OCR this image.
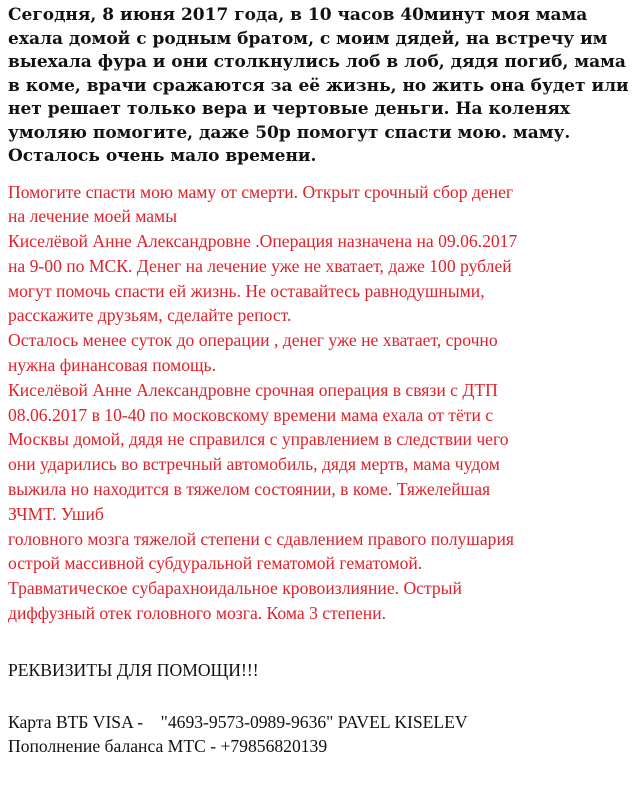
Сегодня, 8 июня 2017 года, в 10 часов 40минут моя мама ехала домой с родным братом, с моим дядей, на встречу им выехала фура и они столкнулись лоб в лоб, дядя погиб, мама в коме, врачи сражаются за её жизнь, но жить она будет или нет решает только вера и чертовые деньги. На коленях умоляю помогите, даже 50р помогут спасти мою. маму. Осталось очень мало времени.

Помогите спасти мою маму от смерти. Открыт срочный сбор денег
на лечение моей мамы
Киселёвой Анне Александровне .Операция назначена на 09.06.2017
на 9-00 по МСК. Денег на лечение уже не хватает, даже 100 рублей
могут помочь спасти ей жизнь. Не оставайтесь равнодушными,
расскажите друзьям, сделайте репост.
Осталось менее суток до операции , денег уже не хватает, срочно
нужна финансовая помощь.
Киселёвой Анне Александровне срочная операция в связи с ДТП
08.06.2017 в 10-40 по московскому времени мама ехала от тёти с
Москвы домой, дядя не справился с управлением в следствии чего
они ударились во встречный автомобиль, дядя мертв, мама чудом
выжила но находится в тяжелом состоянии, в коме. Тяжелейшая
ЗЧМТ. Ушиб
головного мозга тяжелой степени с сдавлением правого полушария
острой массивной субдуральной гематомой гематомой.
Травматическое субарахноидальное кровоизлияние. Острый
диффузный отек головного мозга. Кома 3 степени.

РЕКВИЗИТЫ ДЛЯ ПОМОЩИ!!!

Карта ВТБ VISA -    "4693-9573-0989-9636" PAVEL KISELEV
Пополнение баланса МТС - +79856820139
